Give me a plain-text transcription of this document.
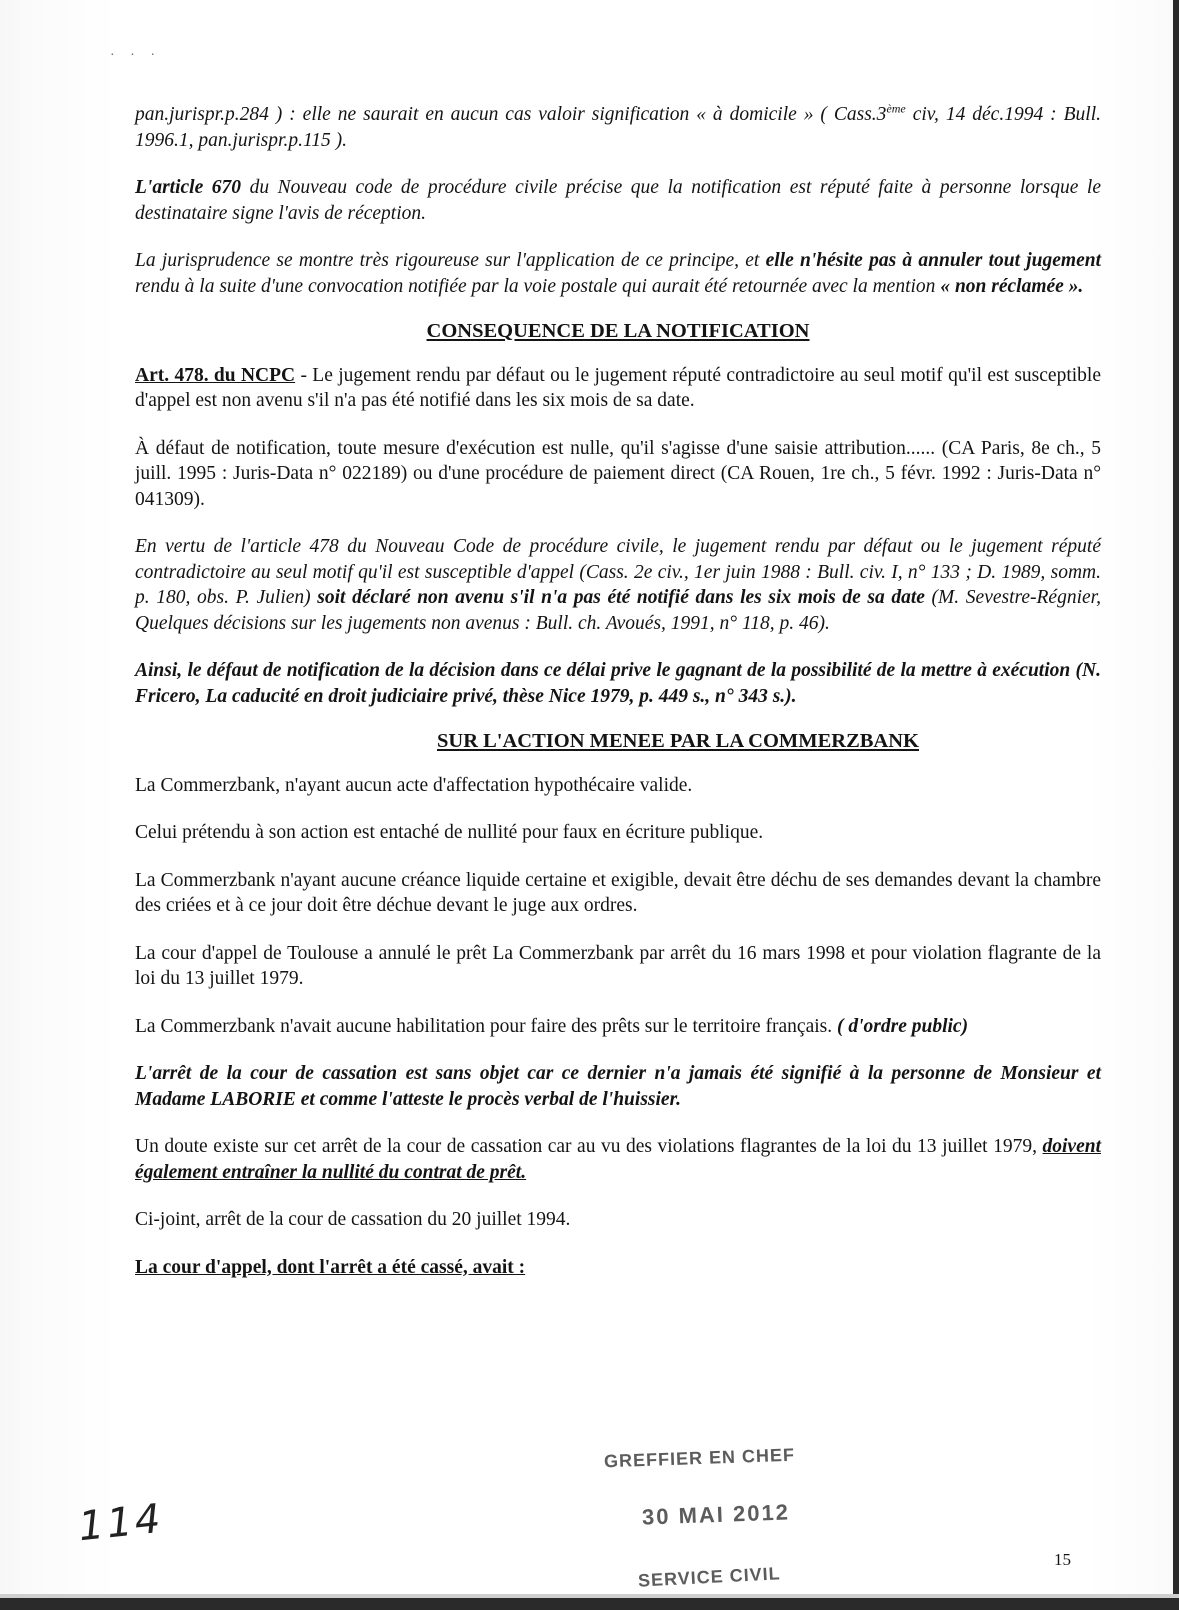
· · ·

pan.jurispr.p.284 ) : elle ne saurait en aucun cas valoir signification « à domicile » ( Cass.3ème civ, 14 déc.1994 : Bull. 1996.1, pan.jurispr.p.115 ).

L'article 670 du Nouveau code de procédure civile précise que la notification est réputé faite à personne lorsque le destinataire signe l'avis de réception.

La jurisprudence se montre très rigoureuse sur l'application de ce principe, et elle n'hésite pas à annuler tout jugement rendu à la suite d'une convocation notifiée par la voie postale qui aurait été retournée avec la mention « non réclamée ».

CONSEQUENCE DE LA NOTIFICATION

Art. 478. du NCPC - Le jugement rendu par défaut ou le jugement réputé contradictoire au seul motif qu'il est susceptible d'appel est non avenu s'il n'a pas été notifié dans les six mois de sa date.

À défaut de notification, toute mesure d'exécution est nulle, qu'il s'agisse d'une saisie attribution...... (CA Paris, 8e ch., 5 juill. 1995 : Juris-Data n° 022189) ou d'une procédure de paiement direct (CA Rouen, 1re ch., 5 févr. 1992 : Juris-Data n° 041309).

En vertu de l'article 478 du Nouveau Code de procédure civile, le jugement rendu par défaut ou le jugement réputé contradictoire au seul motif qu'il est susceptible d'appel (Cass. 2e civ., 1er juin 1988 : Bull. civ. I, n° 133 ; D. 1989, somm. p. 180, obs. P. Julien) soit déclaré non avenu s'il n'a pas été notifié dans les six mois de sa date (M. Sevestre-Régnier, Quelques décisions sur les jugements non avenus : Bull. ch. Avoués, 1991, n° 118, p. 46).

Ainsi, le défaut de notification de la décision dans ce délai prive le gagnant de la possibilité de la mettre à exécution (N. Fricero, La caducité en droit judiciaire privé, thèse Nice 1979, p. 449 s., n° 343 s.).

SUR L'ACTION MENEE PAR LA COMMERZBANK

La Commerzbank, n'ayant aucun acte d'affectation hypothécaire valide.

Celui prétendu à son action est entaché de nullité pour faux en écriture publique.

La Commerzbank n'ayant aucune créance liquide certaine et exigible, devait être déchu de ses demandes devant la chambre des criées et à ce jour doit être déchue devant le juge aux ordres.

La cour d'appel de Toulouse a annulé le prêt La Commerzbank par arrêt du 16 mars 1998 et pour violation flagrante de la loi du 13 juillet 1979.

La Commerzbank n'avait aucune habilitation pour faire des prêts sur le territoire français. ( d'ordre public)

L'arrêt de la cour de cassation est sans objet car ce dernier n'a jamais été signifié à la personne de Monsieur et Madame LABORIE et comme l'atteste le procès verbal de l'huissier.

Un doute existe sur cet arrêt de la cour de cassation car au vu des violations flagrantes de la loi du 13 juillet 1979, doivent également entraîner la nullité du contrat de prêt.

Ci-joint, arrêt de la cour de cassation du 20 juillet 1994.

La cour d'appel, dont l'arrêt a été cassé, avait :

GREFFIER EN CHEF
30 MAI 2012
SERVICE CIVIL
114
15
